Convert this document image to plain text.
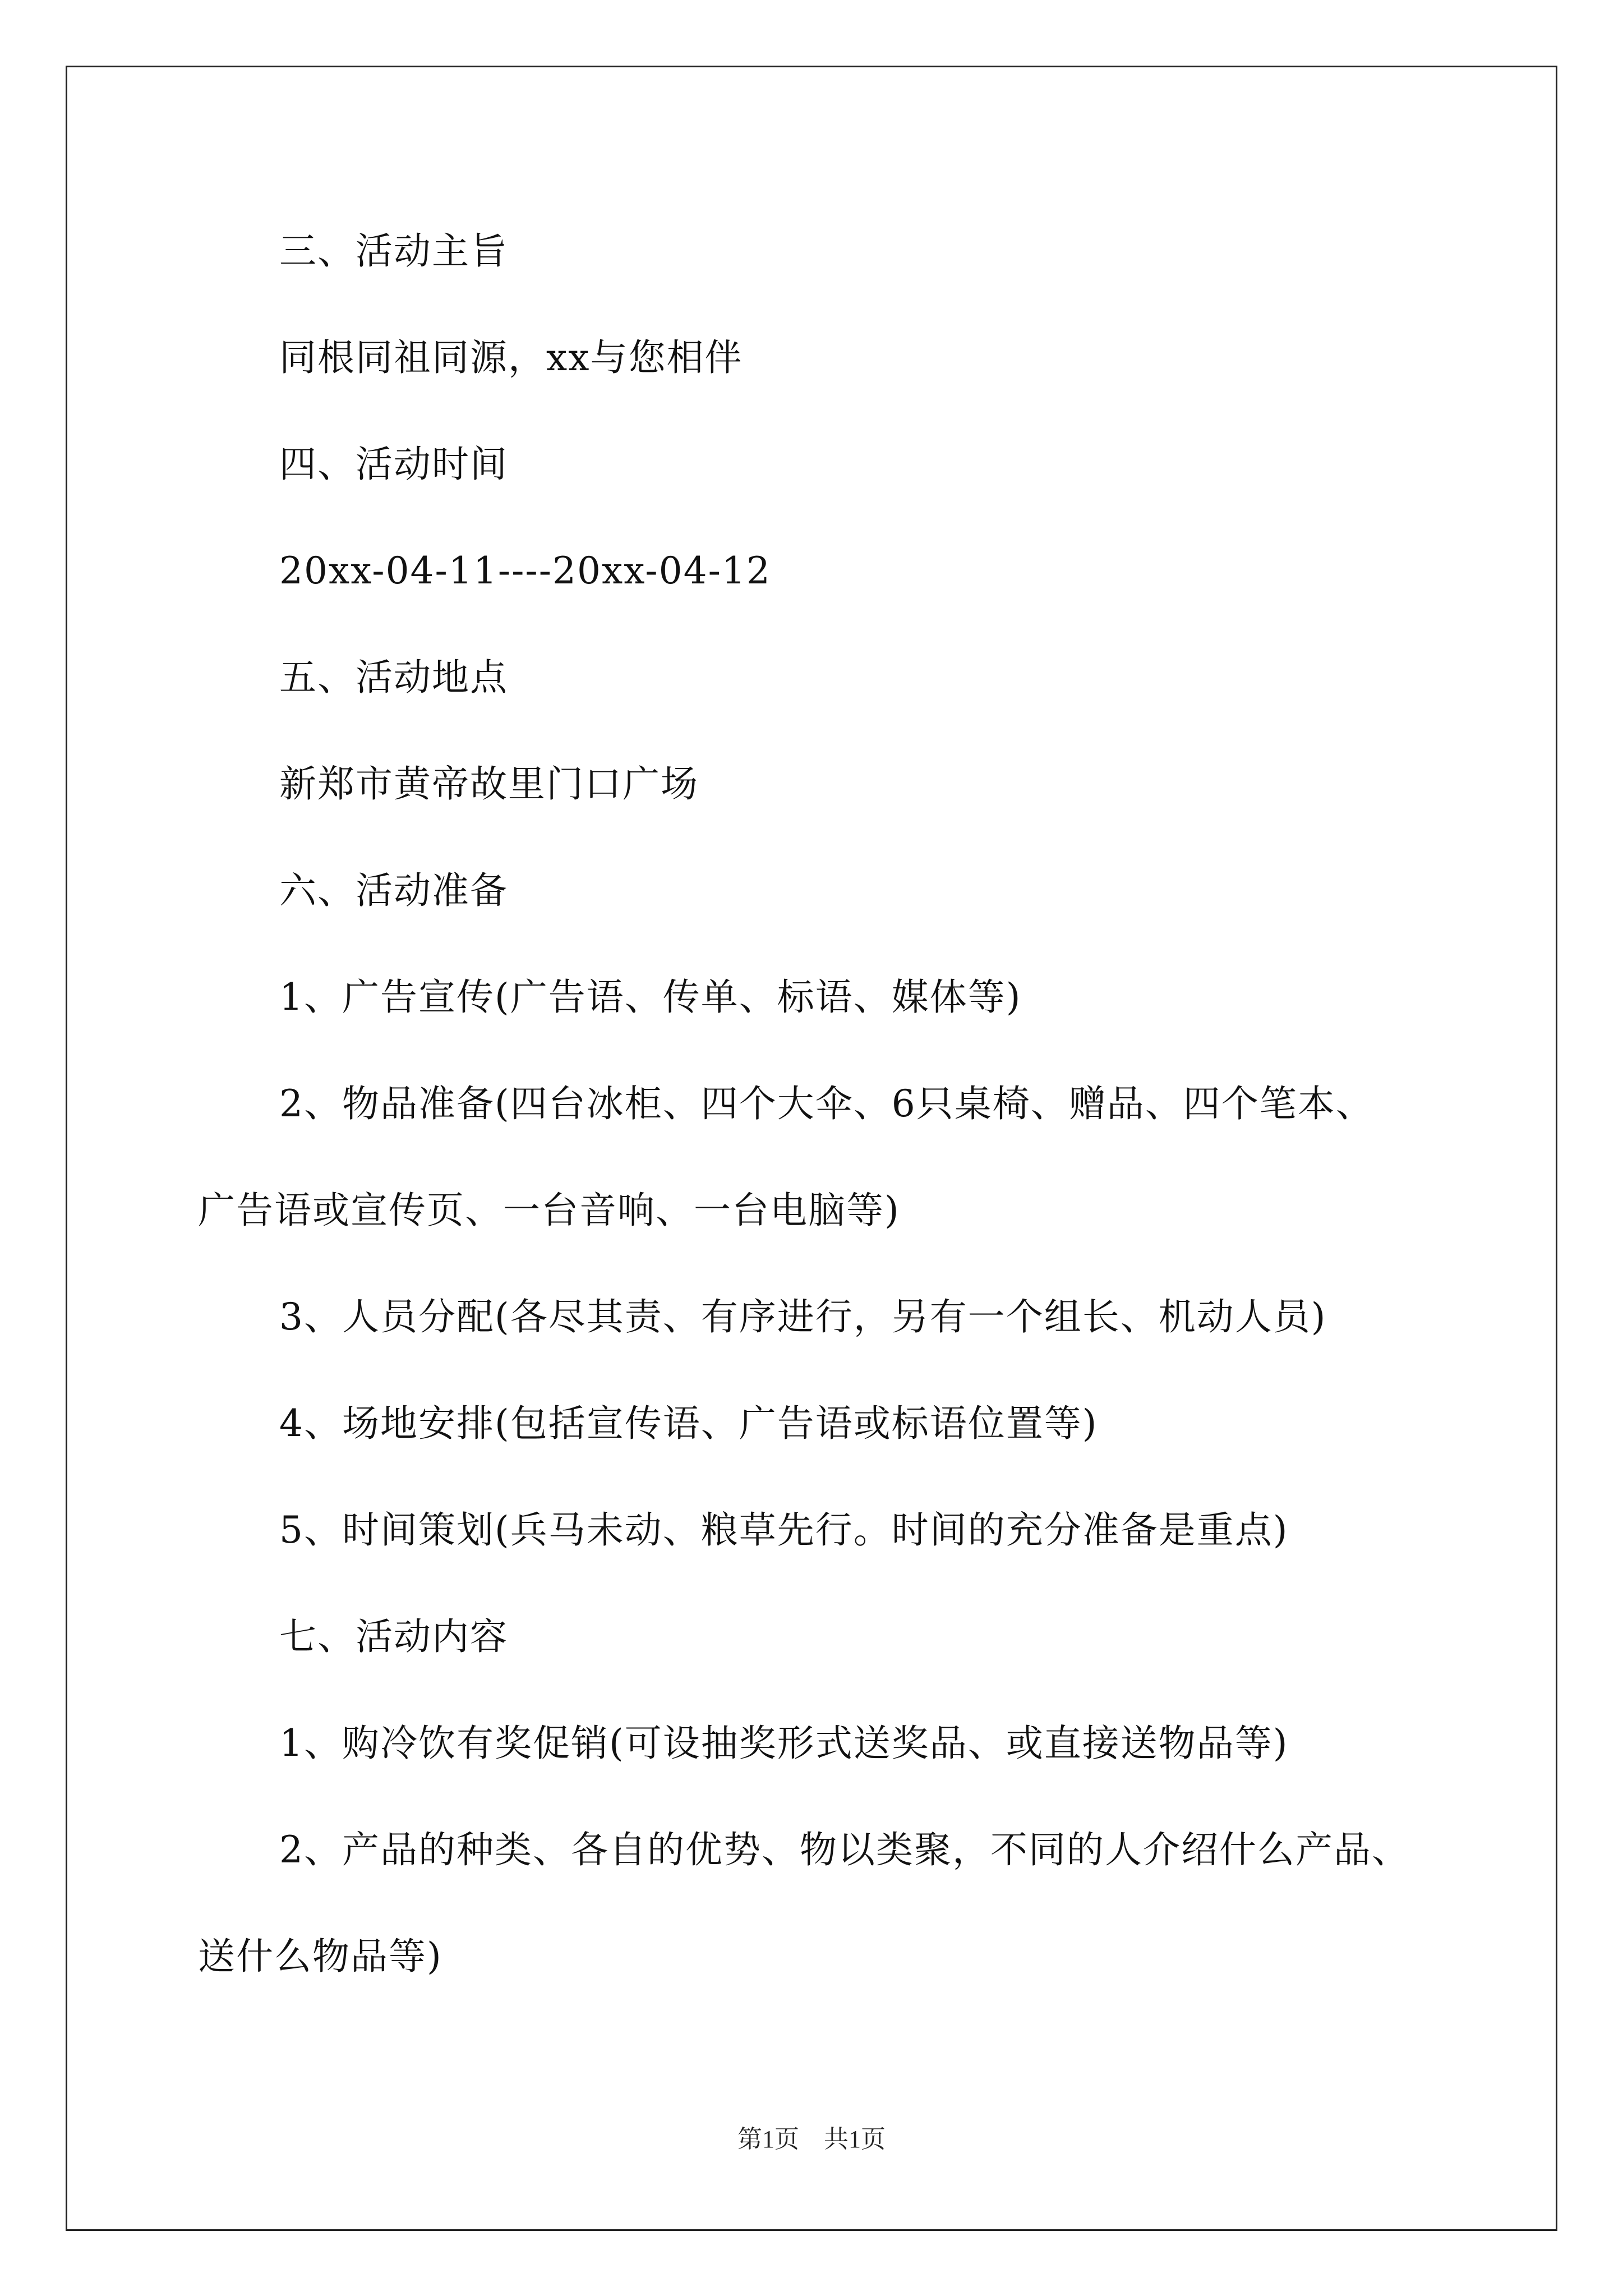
三、活动主旨
同根同祖同源，xx与您相伴
四、活动时间
20xx-04-11----20xx-04-12
五、活动地点
新郑市黄帝故里门口广场
六、活动准备
1、广告宣传(广告语、传单、标语、媒体等)
2、物品准备(四台冰柜、四个大伞、6只桌椅、赠品、四个笔本、
广告语或宣传页、一台音响、一台电脑等)
3、人员分配(各尽其责、有序进行，另有一个组长、机动人员)
4、场地安排(包括宣传语、广告语或标语位置等)
5、时间策划(兵马未动、粮草先行。时间的充分准备是重点)
七、活动内容
1、购冷饮有奖促销(可设抽奖形式送奖品、或直接送物品等)
2、产品的种类、各自的优势、物以类聚，不同的人介绍什么产品、
送什么物品等)
第1页　共1页
